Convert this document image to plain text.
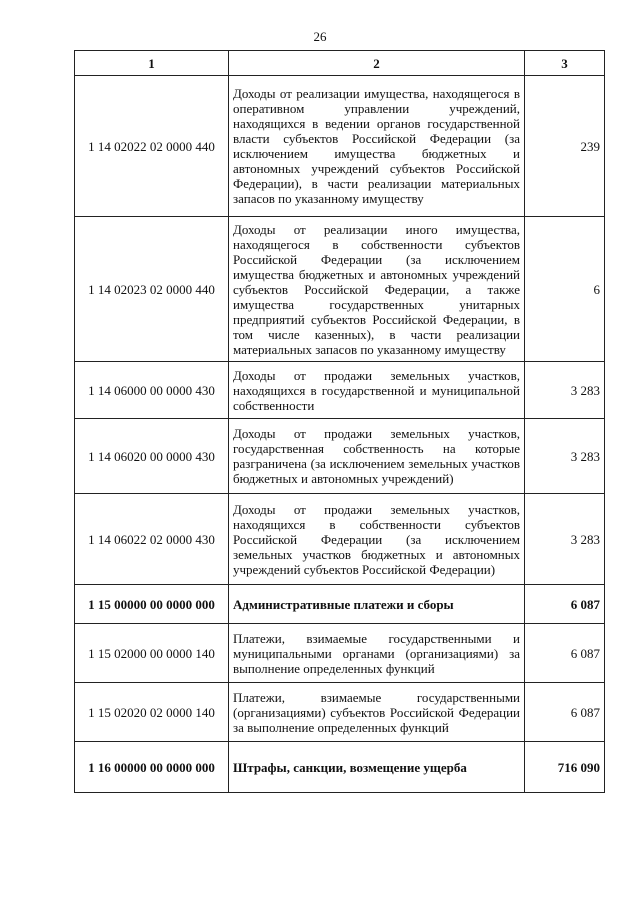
26
1	2	3
1 14 02022 02 0000 440	Доходы от реализации имущества, находящегося в оперативном управлении учреждений, находящихся в ведении органов государственной власти субъектов Российской Федерации (за исключением имущества бюджетных и автономных учреждений субъектов Российской Федерации), в части реализации материальных запасов по указанному имуществу	239
1 14 02023 02 0000 440	Доходы от реализации иного имущества, находящегося в собственности субъектов Российской Федерации (за исключением имущества бюджетных и автономных учреждений субъектов Российской Федерации, а также имущества государственных унитарных предприятий субъектов Российской Федерации, в том числе казенных), в части реализации материальных запасов по указанному имуществу	6
1 14 06000 00 0000 430	Доходы от продажи земельных участков, находящихся в государственной и муниципальной собственности	3 283
1 14 06020 00 0000 430	Доходы от продажи земельных участков, государственная собственность на которые разграничена (за исключением земельных участков бюджетных и автономных учреждений)	3 283
1 14 06022 02 0000 430	Доходы от продажи земельных участков, находящихся в собственности субъектов Российской Федерации (за исключением земельных участков бюджетных и автономных учреждений субъектов Российской Федерации)	3 283
1 15 00000 00 0000 000	Административные платежи и сборы	6 087
1 15 02000 00 0000 140	Платежи, взимаемые государственными и муниципальными органами (организациями) за выполнение определенных функций	6 087
1 15 02020 02 0000 140	Платежи, взимаемые государственными (организациями) субъектов Российской Федерации за выполнение определенных функций	6 087
1 16 00000 00 0000 000	Штрафы, санкции, возмещение ущерба	716 090
